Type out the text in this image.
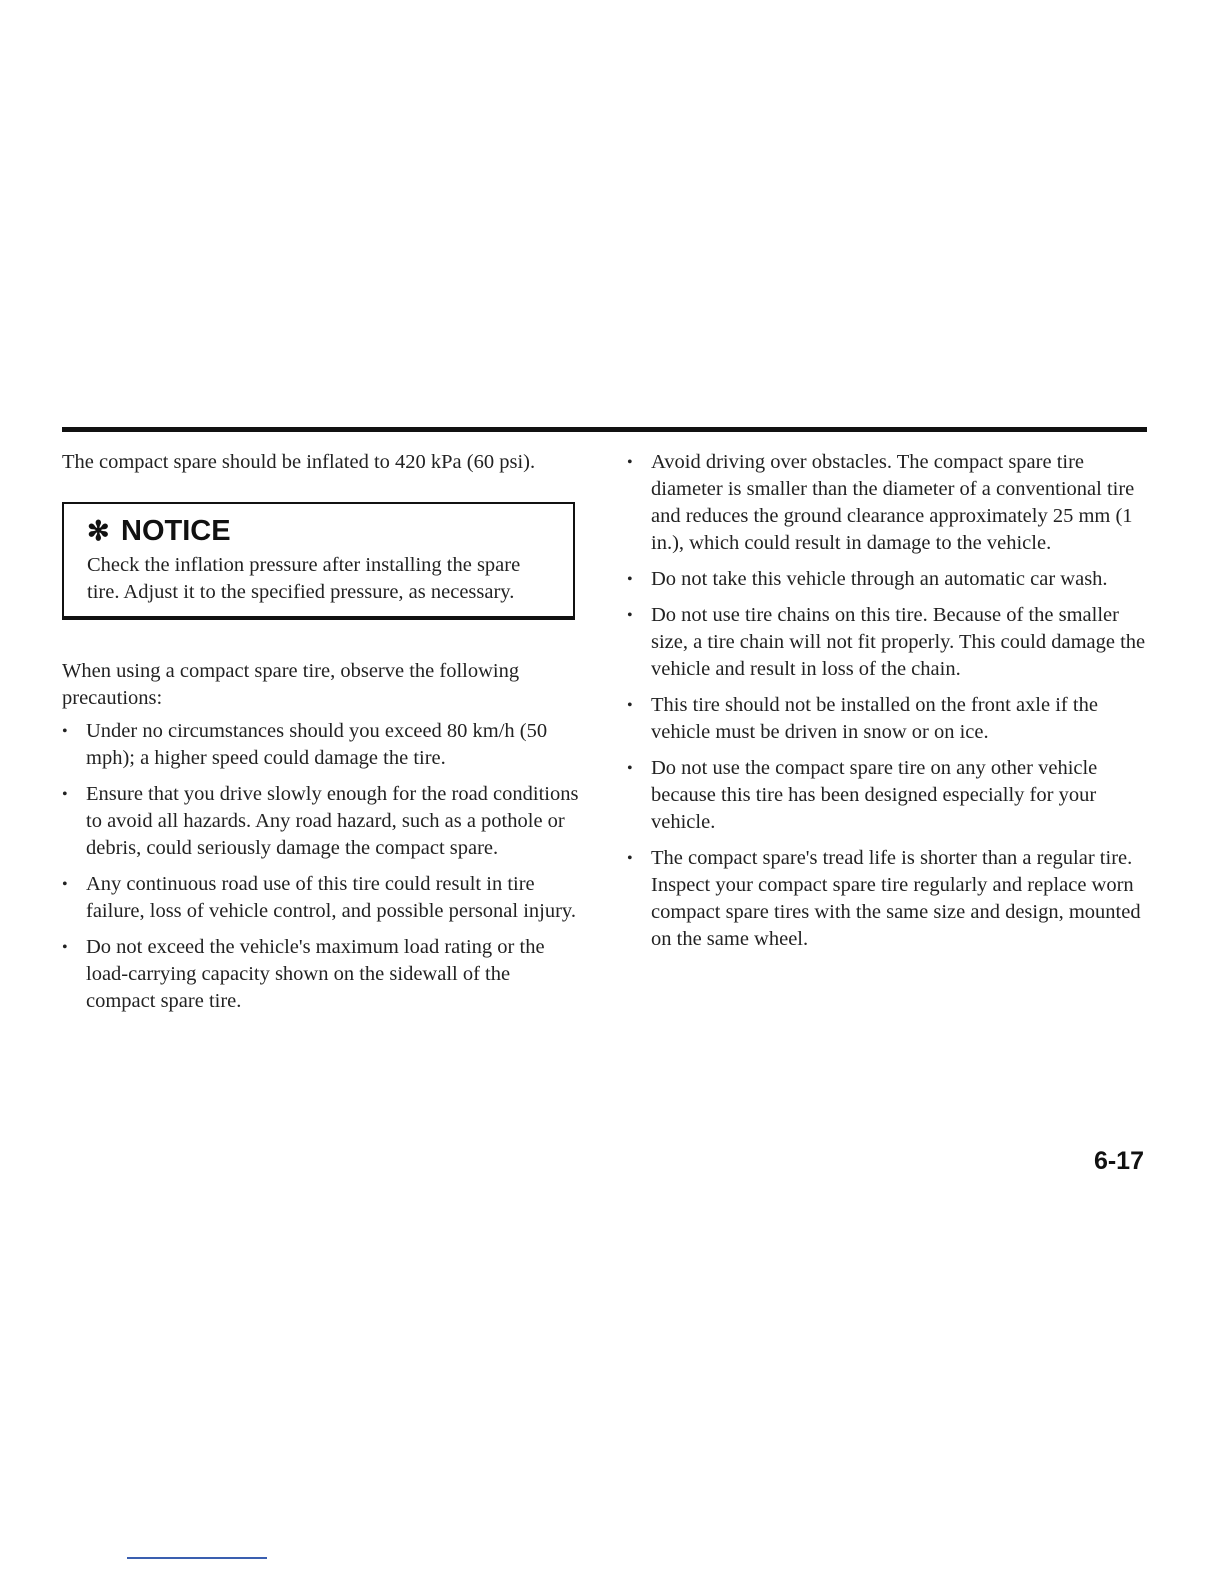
The compact spare should be inflated to 420 kPa (60 psi).

✻ NOTICE

Check the inflation pressure after installing the spare tire. Adjust it to the specified pressure, as necessary.

When using a compact spare tire, observe the following precautions:

• Under no circumstances should you exceed 80 km/h (50 mph); a higher speed could damage the tire.
• Ensure that you drive slowly enough for the road conditions to avoid all hazards. Any road hazard, such as a pothole or debris, could seriously damage the compact spare.
• Any continuous road use of this tire could result in tire failure, loss of vehicle control, and possible personal injury.
• Do not exceed the vehicle's maximum load rating or the load-carrying capacity shown on the sidewall of the compact spare tire.
• Avoid driving over obstacles. The compact spare tire diameter is smaller than the diameter of a conventional tire and reduces the ground clearance approximately 25 mm (1 in.), which could result in damage to the vehicle.
• Do not take this vehicle through an automatic car wash.
• Do not use tire chains on this tire. Because of the smaller size, a tire chain will not fit properly. This could damage the vehicle and result in loss of the chain.
• This tire should not be installed on the front axle if the vehicle must be driven in snow or on ice.
• Do not use the compact spare tire on any other vehicle because this tire has been designed especially for your vehicle.
• The compact spare's tread life is shorter than a regular tire. Inspect your compact spare tire regularly and replace worn compact spare tires with the same size and design, mounted on the same wheel.
6-17
